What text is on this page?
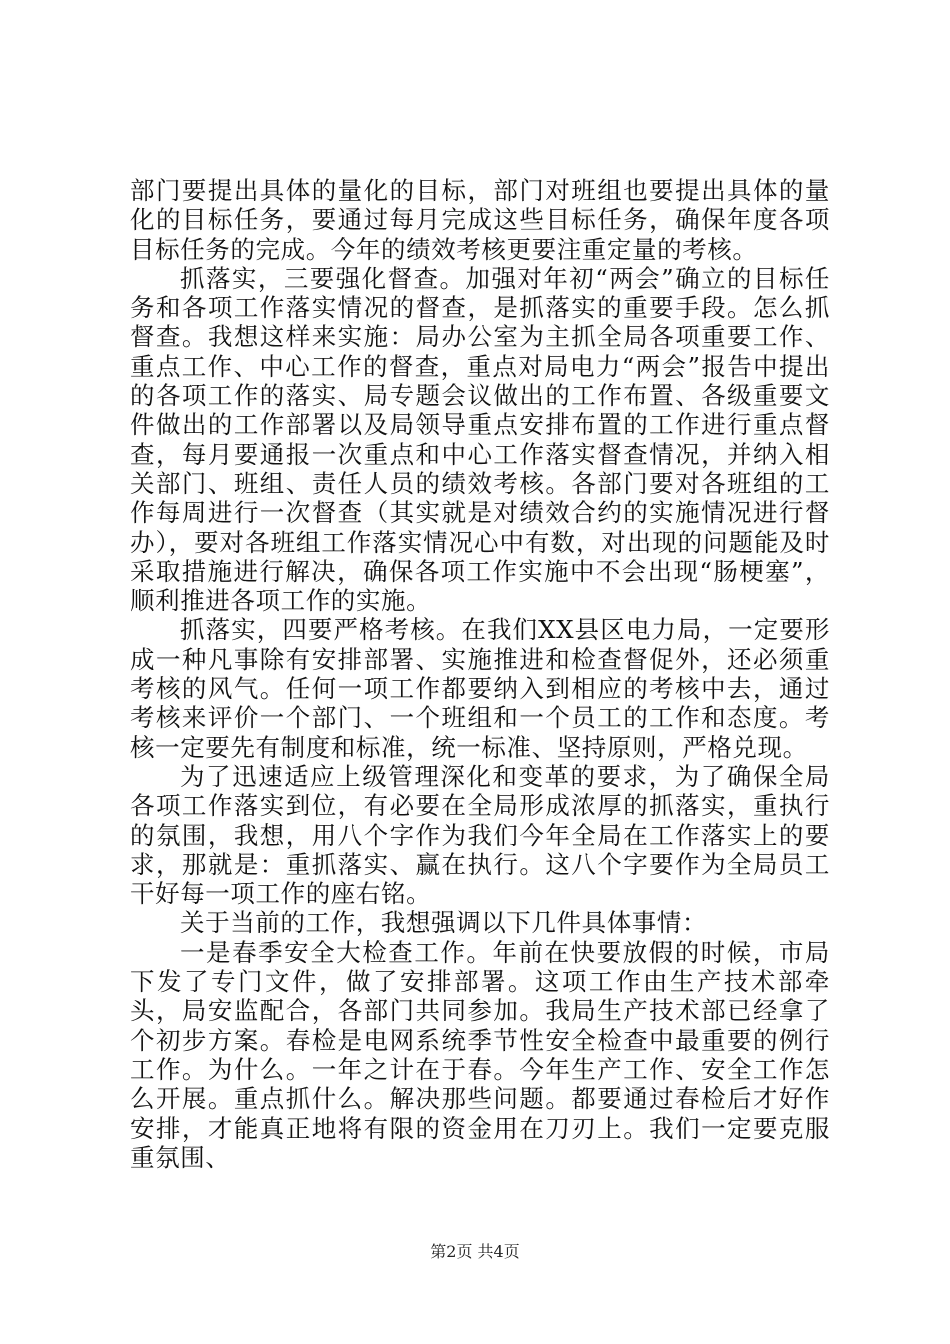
部门要提出具体的量化的目标，部门对班组也要提出具体的量化的目标任务，要通过每月完成这些目标任务，确保年度各项目标任务的完成。今年的绩效考核更要注重定量的考核。

抓落实，三要强化督查。加强对年初“两会”确立的目标任务和各项工作落实情况的督查，是抓落实的重要手段。怎么抓督查。我想这样来实施：局办公室为主抓全局各项重要工作、重点工作、中心工作的督查，重点对局电力“两会”报告中提出的各项工作的落实、局专题会议做出的工作布置、各级重要文件做出的工作部署以及局领导重点安排布置的工作进行重点督查，每月要通报一次重点和中心工作落实督查情况，并纳入相关部门、班组、责任人员的绩效考核。各部门要对各班组的工作每周进行一次督查（其实就是对绩效合约的实施情况进行督办），要对各班组工作落实情况心中有数，对出现的问题能及时采取措施进行解决，确保各项工作实施中不会出现“肠梗塞”，顺利推进各项工作的实施。

抓落实，四要严格考核。在我们XX县区电力局，一定要形成一种凡事除有安排部署、实施推进和检查督促外，还必须重考核的风气。任何一项工作都要纳入到相应的考核中去，通过考核来评价一个部门、一个班组和一个员工的工作和态度。考核一定要先有制度和标准，统一标准、坚持原则，严格兑现。

为了迅速适应上级管理深化和变革的要求，为了确保全局各项工作落实到位，有必要在全局形成浓厚的抓落实，重执行的氛围，我想，用八个字作为我们今年全局在工作落实上的要求，那就是：重抓落实、赢在执行。这八个字要作为全局员工干好每一项工作的座右铭。

关于当前的工作，我想强调以下几件具体事情：

一是春季安全大检查工作。年前在快要放假的时候，市局下发了专门文件，做了安排部署。这项工作由生产技术部牵头，局安监配合，各部门共同参加。我局生产技术部已经拿了个初步方案。春检是电网系统季节性安全检查中最重要的例行工作。为什么。一年之计在于春。今年生产工作、安全工作怎么开展。重点抓什么。解决那些问题。都要通过春检后才好作安排，才能真正地将有限的资金用在刀刃上。我们一定要克服重氛围、

第2页 共4页
